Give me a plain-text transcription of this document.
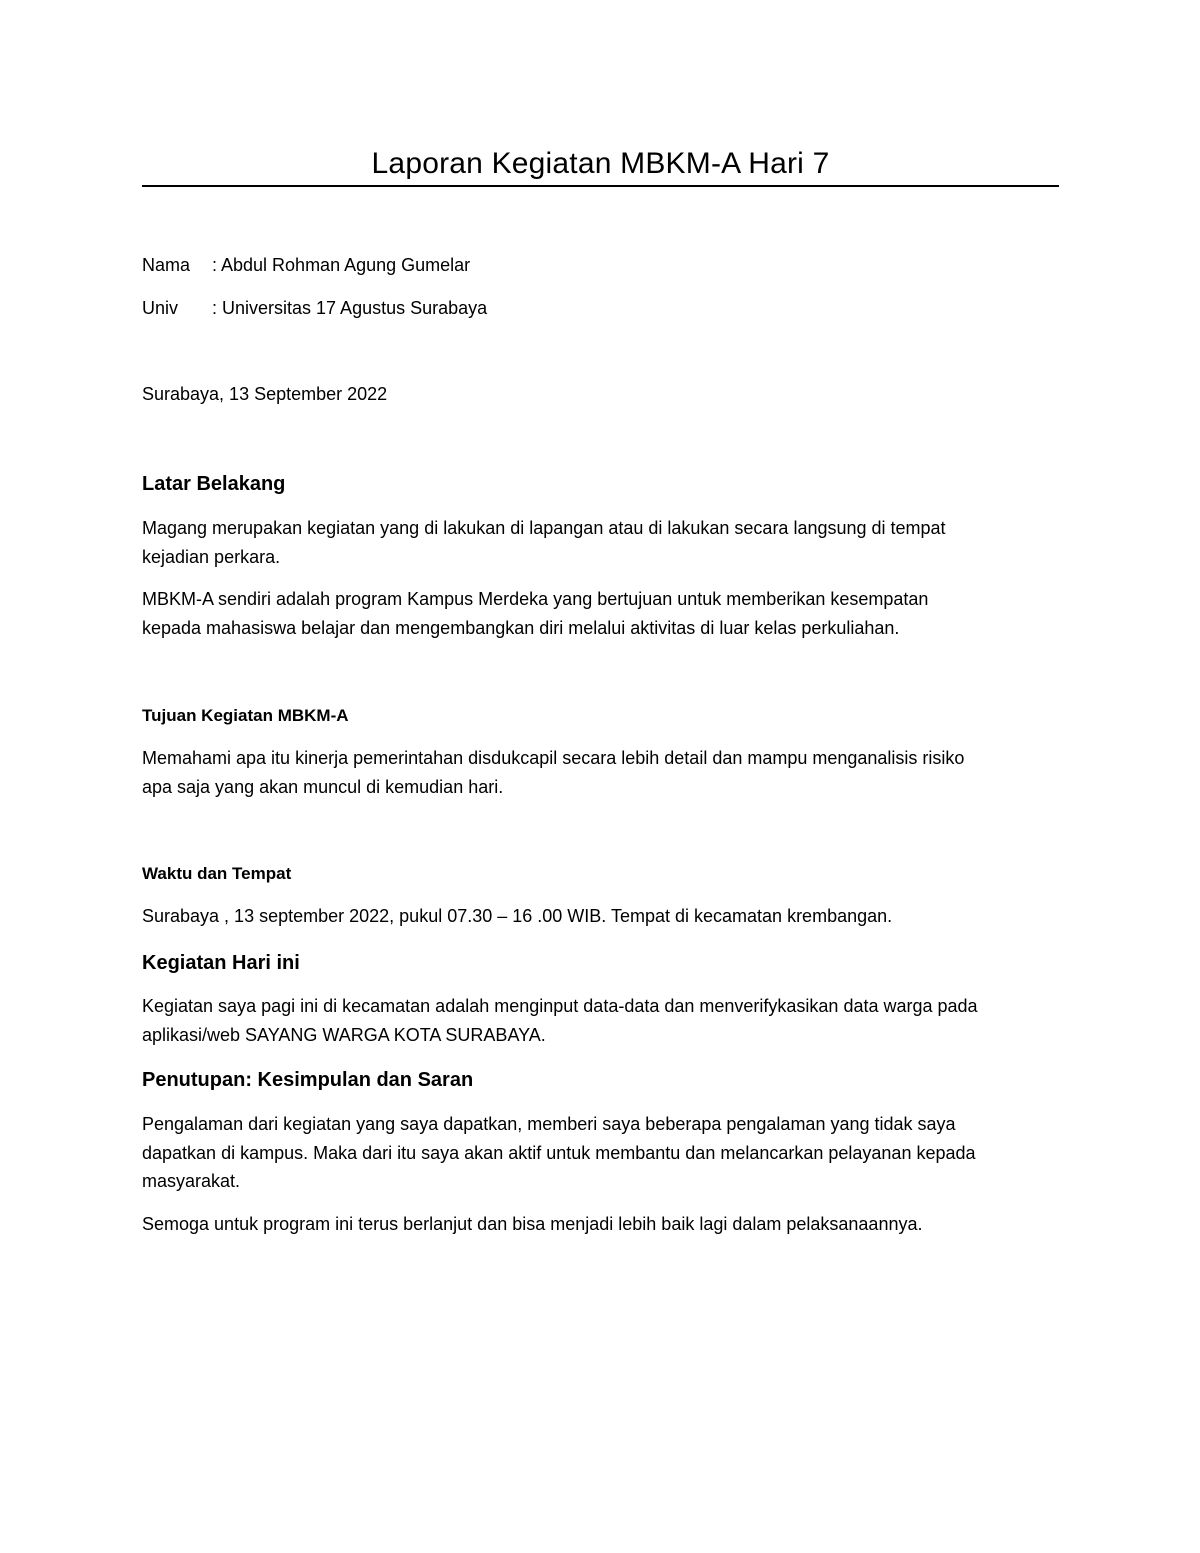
Laporan Kegiatan MBKM-A Hari 7
Nama : Abdul Rohman Agung Gumelar
Univ : Universitas 17 Agustus Surabaya
Surabaya, 13 September 2022
Latar Belakang
Magang merupakan kegiatan yang di lakukan di lapangan atau di lakukan secara langsung di tempat
kejadian perkara.
MBKM-A sendiri adalah program Kampus Merdeka yang bertujuan untuk memberikan kesempatan
kepada mahasiswa belajar dan mengembangkan diri melalui aktivitas di luar kelas perkuliahan.
Tujuan Kegiatan MBKM-A
Memahami apa itu kinerja pemerintahan disdukcapil secara lebih detail dan mampu menganalisis risiko
apa saja yang akan muncul di kemudian hari.
Waktu dan Tempat
Surabaya , 13 september 2022, pukul 07.30 – 16 .00 WIB. Tempat di kecamatan krembangan.
Kegiatan Hari ini
Kegiatan saya pagi ini di kecamatan adalah menginput data-data dan menverifykasikan data warga pada
aplikasi/web SAYANG WARGA KOTA SURABAYA.
Penutupan: Kesimpulan dan Saran
Pengalaman dari kegiatan yang saya dapatkan, memberi saya beberapa pengalaman yang tidak saya
dapatkan di kampus. Maka dari itu saya akan aktif untuk membantu dan melancarkan pelayanan kepada
masyarakat.
Semoga untuk program ini terus berlanjut dan bisa menjadi lebih baik lagi dalam pelaksanaannya.
